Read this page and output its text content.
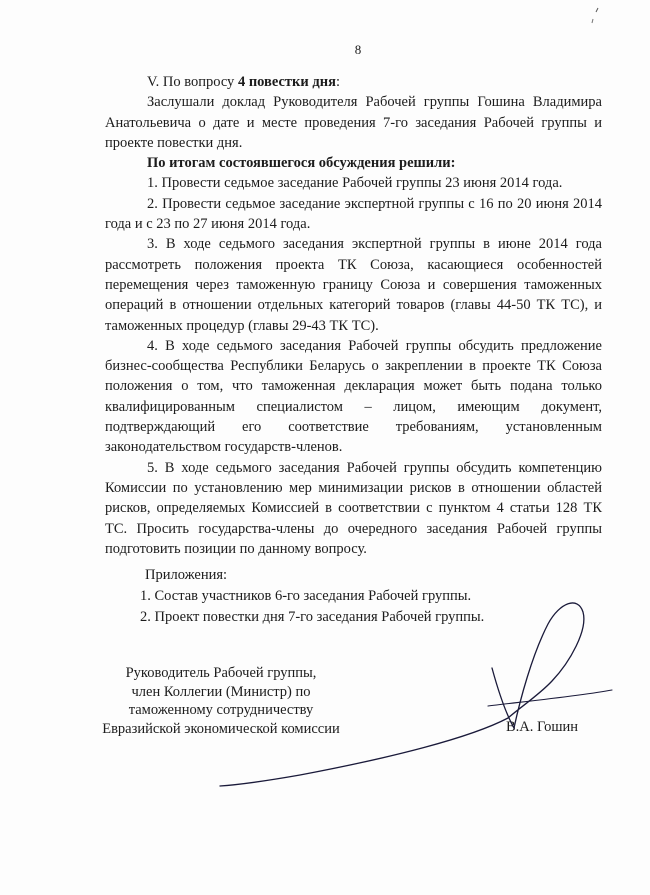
8

V. По вопросу 4 повестки дня:

Заслушали доклад Руководителя Рабочей группы Гошина Владимира Анатольевича о дате и месте проведения 7-го заседания Рабочей группы и проекте повестки дня.

По итогам состоявшегося обсуждения решили:

1. Провести седьмое заседание Рабочей группы 23 июня 2014 года.

2. Провести седьмое заседание экспертной группы с 16 по 20 июня 2014 года и с 23 по 27 июня 2014 года.

3. В ходе седьмого заседания экспертной группы в июне 2014 года рассмотреть положения проекта ТК Союза, касающиеся особенностей перемещения через таможенную границу Союза и совершения таможенных операций в отношении отдельных категорий товаров (главы 44-50 ТК ТС), и таможенных процедур (главы 29-43 ТК ТС).

4. В ходе седьмого заседания Рабочей группы обсудить предложение бизнес-сообщества Республики Беларусь о закреплении в проекте ТК Союза положения о том, что таможенная декларация может быть подана только квалифицированным специалистом – лицом, имеющим документ, подтверждающий его соответствие требованиям, установленным законодательством государств-членов.

5. В ходе седьмого заседания Рабочей группы обсудить компетенцию Комиссии по установлению мер минимизации рисков в отношении областей рисков, определяемых Комиссией в соответствии с пунктом 4 статьи 128 ТК ТС. Просить государства-члены до очередного заседания Рабочей группы подготовить позиции по данному вопросу.

Приложения:

1. Состав участников 6-го заседания Рабочей группы.

2. Проект повестки дня 7-го заседания Рабочей группы.

Руководитель Рабочей группы,

член Коллегии (Министр) по

таможенному сотрудничеству

Евразийской экономической комиссии	В.А. Гошин
